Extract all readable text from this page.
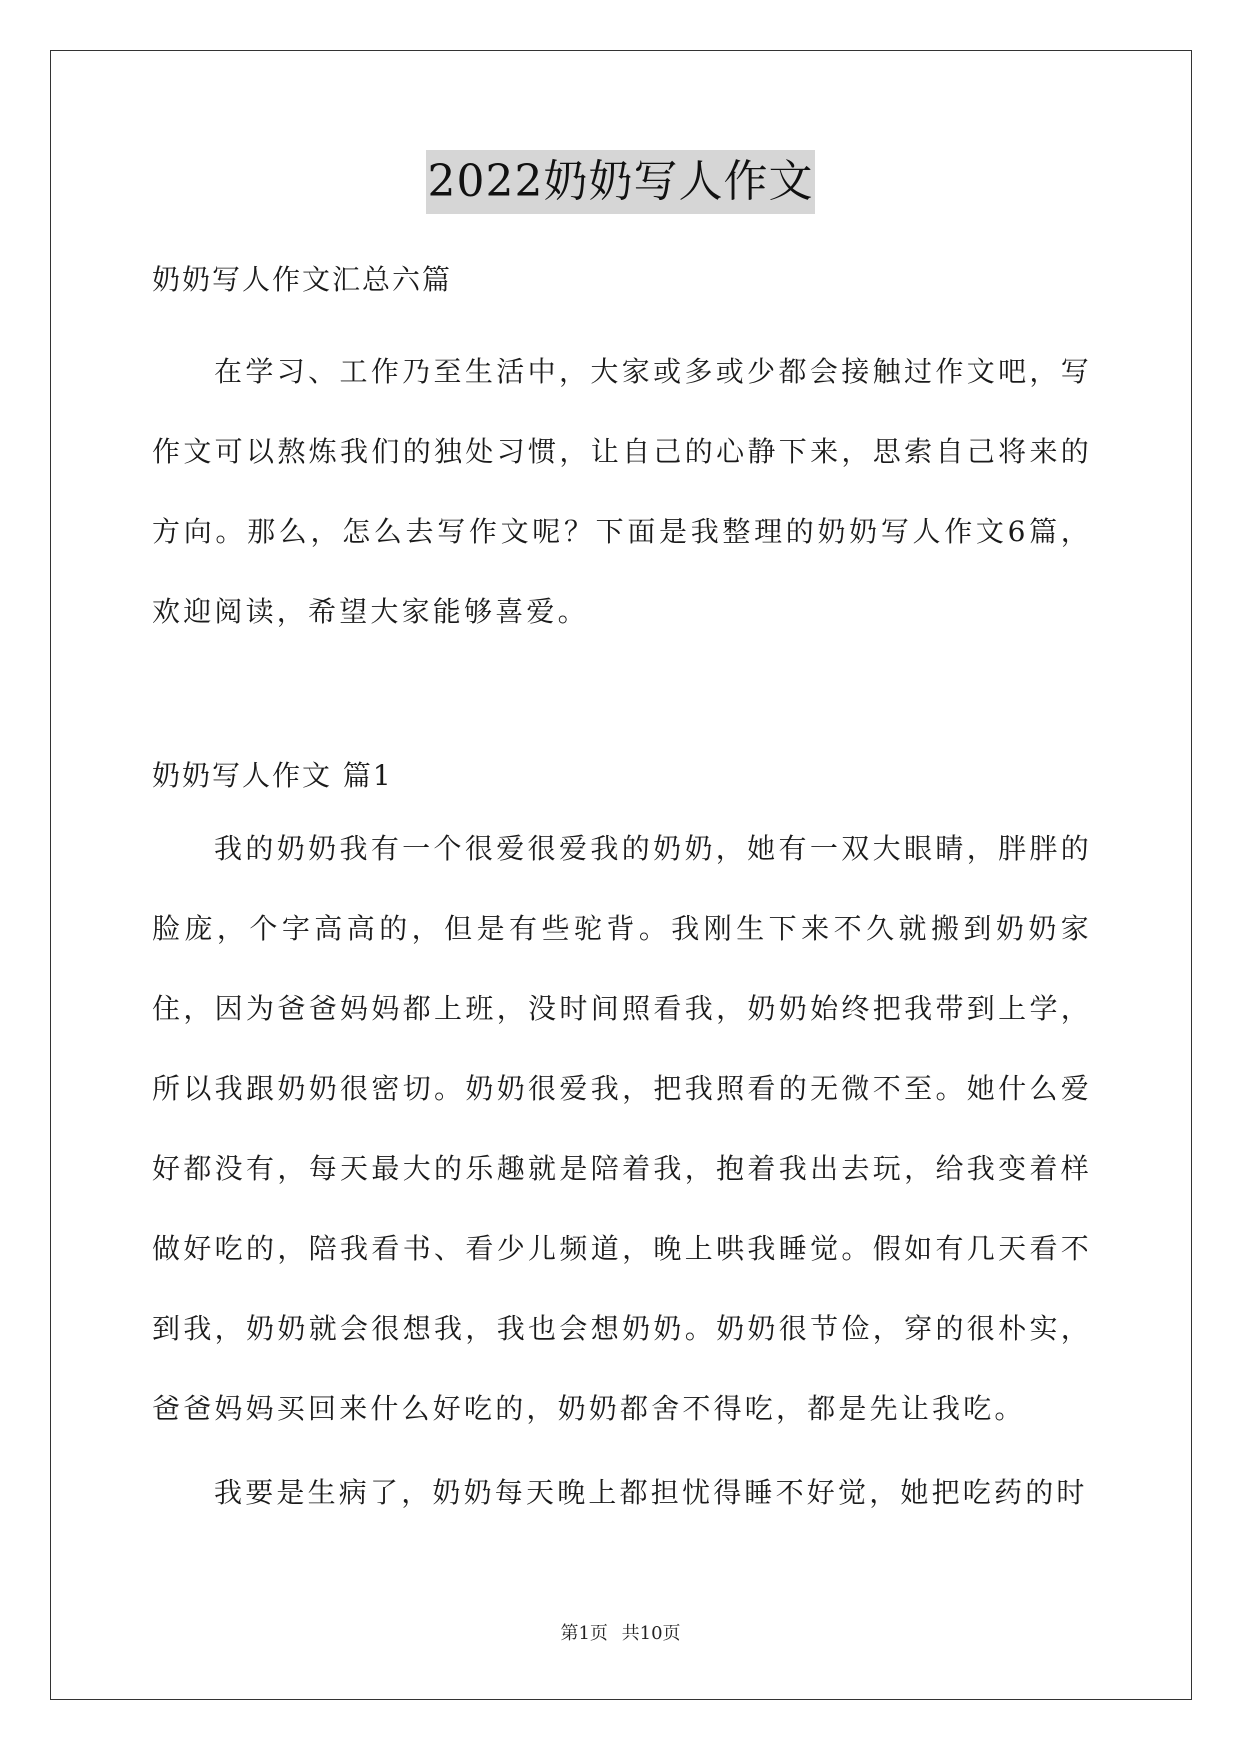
2022奶奶写人作文
奶奶写人作文汇总六篇

在学习、工作乃至生活中，大家或多或少都会接触过作文吧，写作文可以熬炼我们的独处习惯，让自己的心静下来，思索自己将来的方向。那么，怎么去写作文呢？下面是我整理的奶奶写人作文6篇，欢迎阅读，希望大家能够喜爱。

奶奶写人作文 篇1

我的奶奶我有一个很爱很爱我的奶奶，她有一双大眼睛，胖胖的脸庞，个字高高的，但是有些驼背。我刚生下来不久就搬到奶奶家住，因为爸爸妈妈都上班，没时间照看我，奶奶始终把我带到上学，所以我跟奶奶很密切。奶奶很爱我，把我照看的无微不至。她什么爱好都没有，每天最大的乐趣就是陪着我，抱着我出去玩，给我变着样做好吃的，陪我看书、看少儿频道，晚上哄我睡觉。假如有几天看不到我，奶奶就会很想我，我也会想奶奶。奶奶很节俭，穿的很朴实，爸爸妈妈买回来什么好吃的，奶奶都舍不得吃，都是先让我吃。

我要是生病了，奶奶每天晚上都担忧得睡不好觉，她把吃药的时

第1页 共10页
